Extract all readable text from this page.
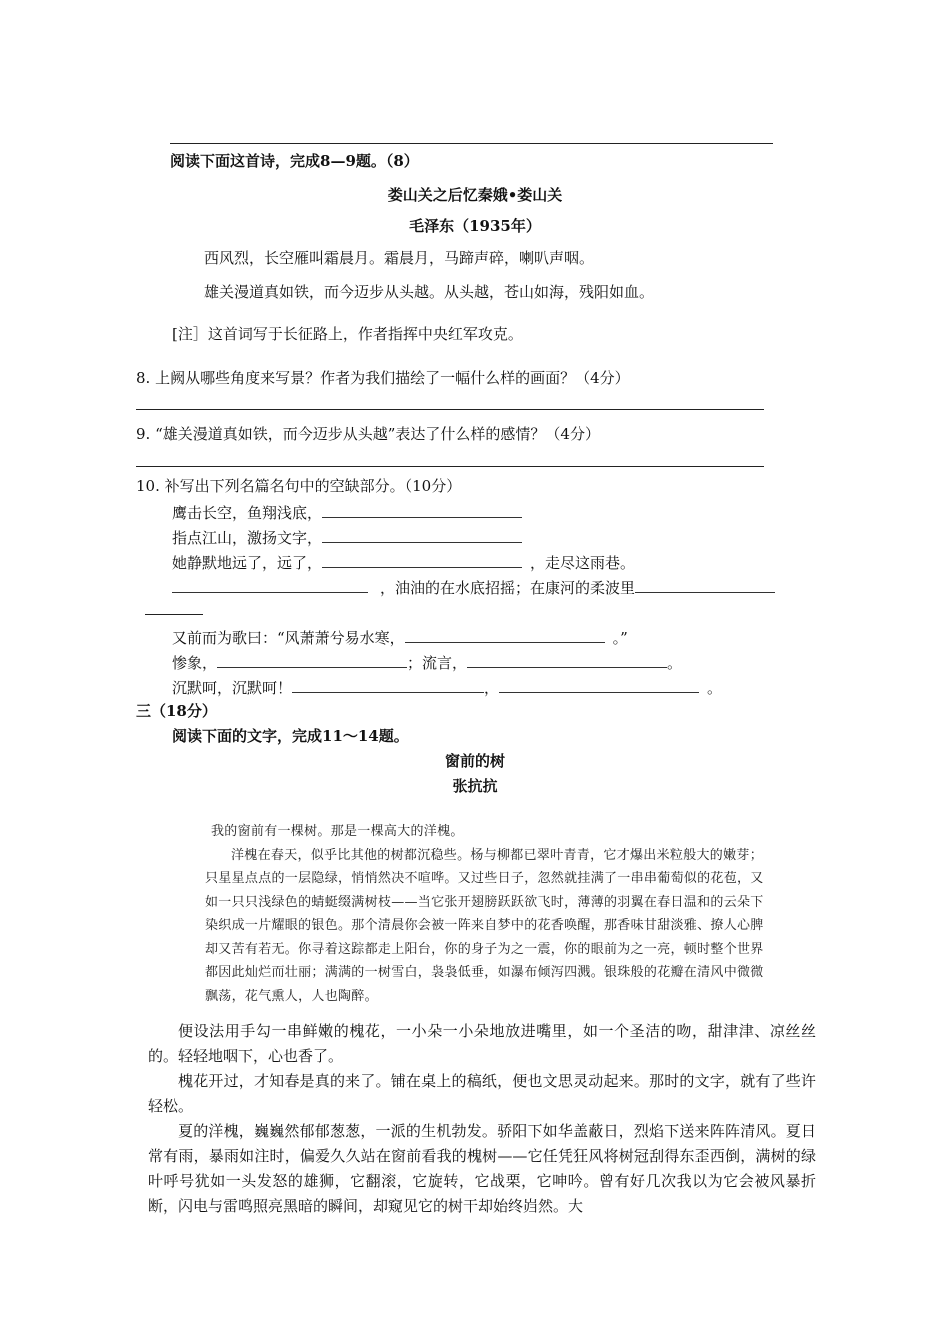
阅读下面这首诗，完成8—9题。（8）
娄山关之后忆秦娥•娄山关
毛泽东（1935年）
西风烈，长空雁叫霜晨月。霜晨月，马蹄声碎，喇叭声咽。
雄关漫道真如铁，而今迈步从头越。从头越，苍山如海，残阳如血。
[注］这首词写于长征路上，作者指挥中央红军攻克。
8. 上阙从哪些角度来写景？作者为我们描绘了一幅什么样的画面？（4分）
9. “雄关漫道真如铁，而今迈步从头越”表达了什么样的感情？（4分）
10. 补写出下列名篇名句中的空缺部分。（10分）
鹰击长空，鱼翔浅底，
指点江山，激扬文字，
她静默地远了，远了，	，走尽这雨巷。
，油油的在水底招摇；在康河的柔波里
又前而为歌曰：“风萧萧兮易水寒，	。”
惨象，	；流言，	。
沉默呵，沉默呵！	，	。
三（18分）
阅读下面的文字，完成11～14题。
窗前的树
张抗抗

我的窗前有一棵树。那是一棵高大的洋槐。

洋槐在春天，似乎比其他的树都沉稳些。杨与柳都已翠叶青青，它才爆出米粒般大的嫩芽；只星星点点的一层隐绿，悄悄然决不喧哗。又过些日子，忽然就挂满了一串串葡萄似的花苞，又如一只只浅绿色的蜻蜓缀满树枝——当它张开翅膀跃跃欲飞时，薄薄的羽翼在春日温和的云朵下染织成一片耀眼的银色。那个清晨你会被一阵来自梦中的花香唤醒，那香味甘甜淡雅、撩人心脾却又苦有若无。你寻着这踪都走上阳台，你的身子为之一震，你的眼前为之一亮，顿时整个世界都因此灿烂而壮丽；满满的一树雪白，袅袅低垂，如瀑布倾泻四溅。银珠般的花瓣在清风中微微飘荡，花气熏人，人也陶醉。

便设法用手勾一串鲜嫩的槐花，一小朵一小朵地放进嘴里，如一个圣洁的吻，甜津津、凉丝丝的。轻轻地咽下，心也香了。

槐花开过，才知春是真的来了。铺在桌上的稿纸，便也文思灵动起来。那时的文字，就有了些许轻松。

夏的洋槐，巍巍然郁郁葱葱，一派的生机勃发。骄阳下如华盖蔽日，烈焰下送来阵阵清风。夏日常有雨，暴雨如注时，偏爱久久站在窗前看我的槐树——它任凭狂风将树冠刮得东歪西倒，满树的绿叶呼号犹如一头发怒的雄狮，它翻滚，它旋转，它战栗，它呻吟。曾有好几次我以为它会被风暴折断，闪电与雷鸣照亮黑暗的瞬间，却窥见它的树干却始终岿然。大
